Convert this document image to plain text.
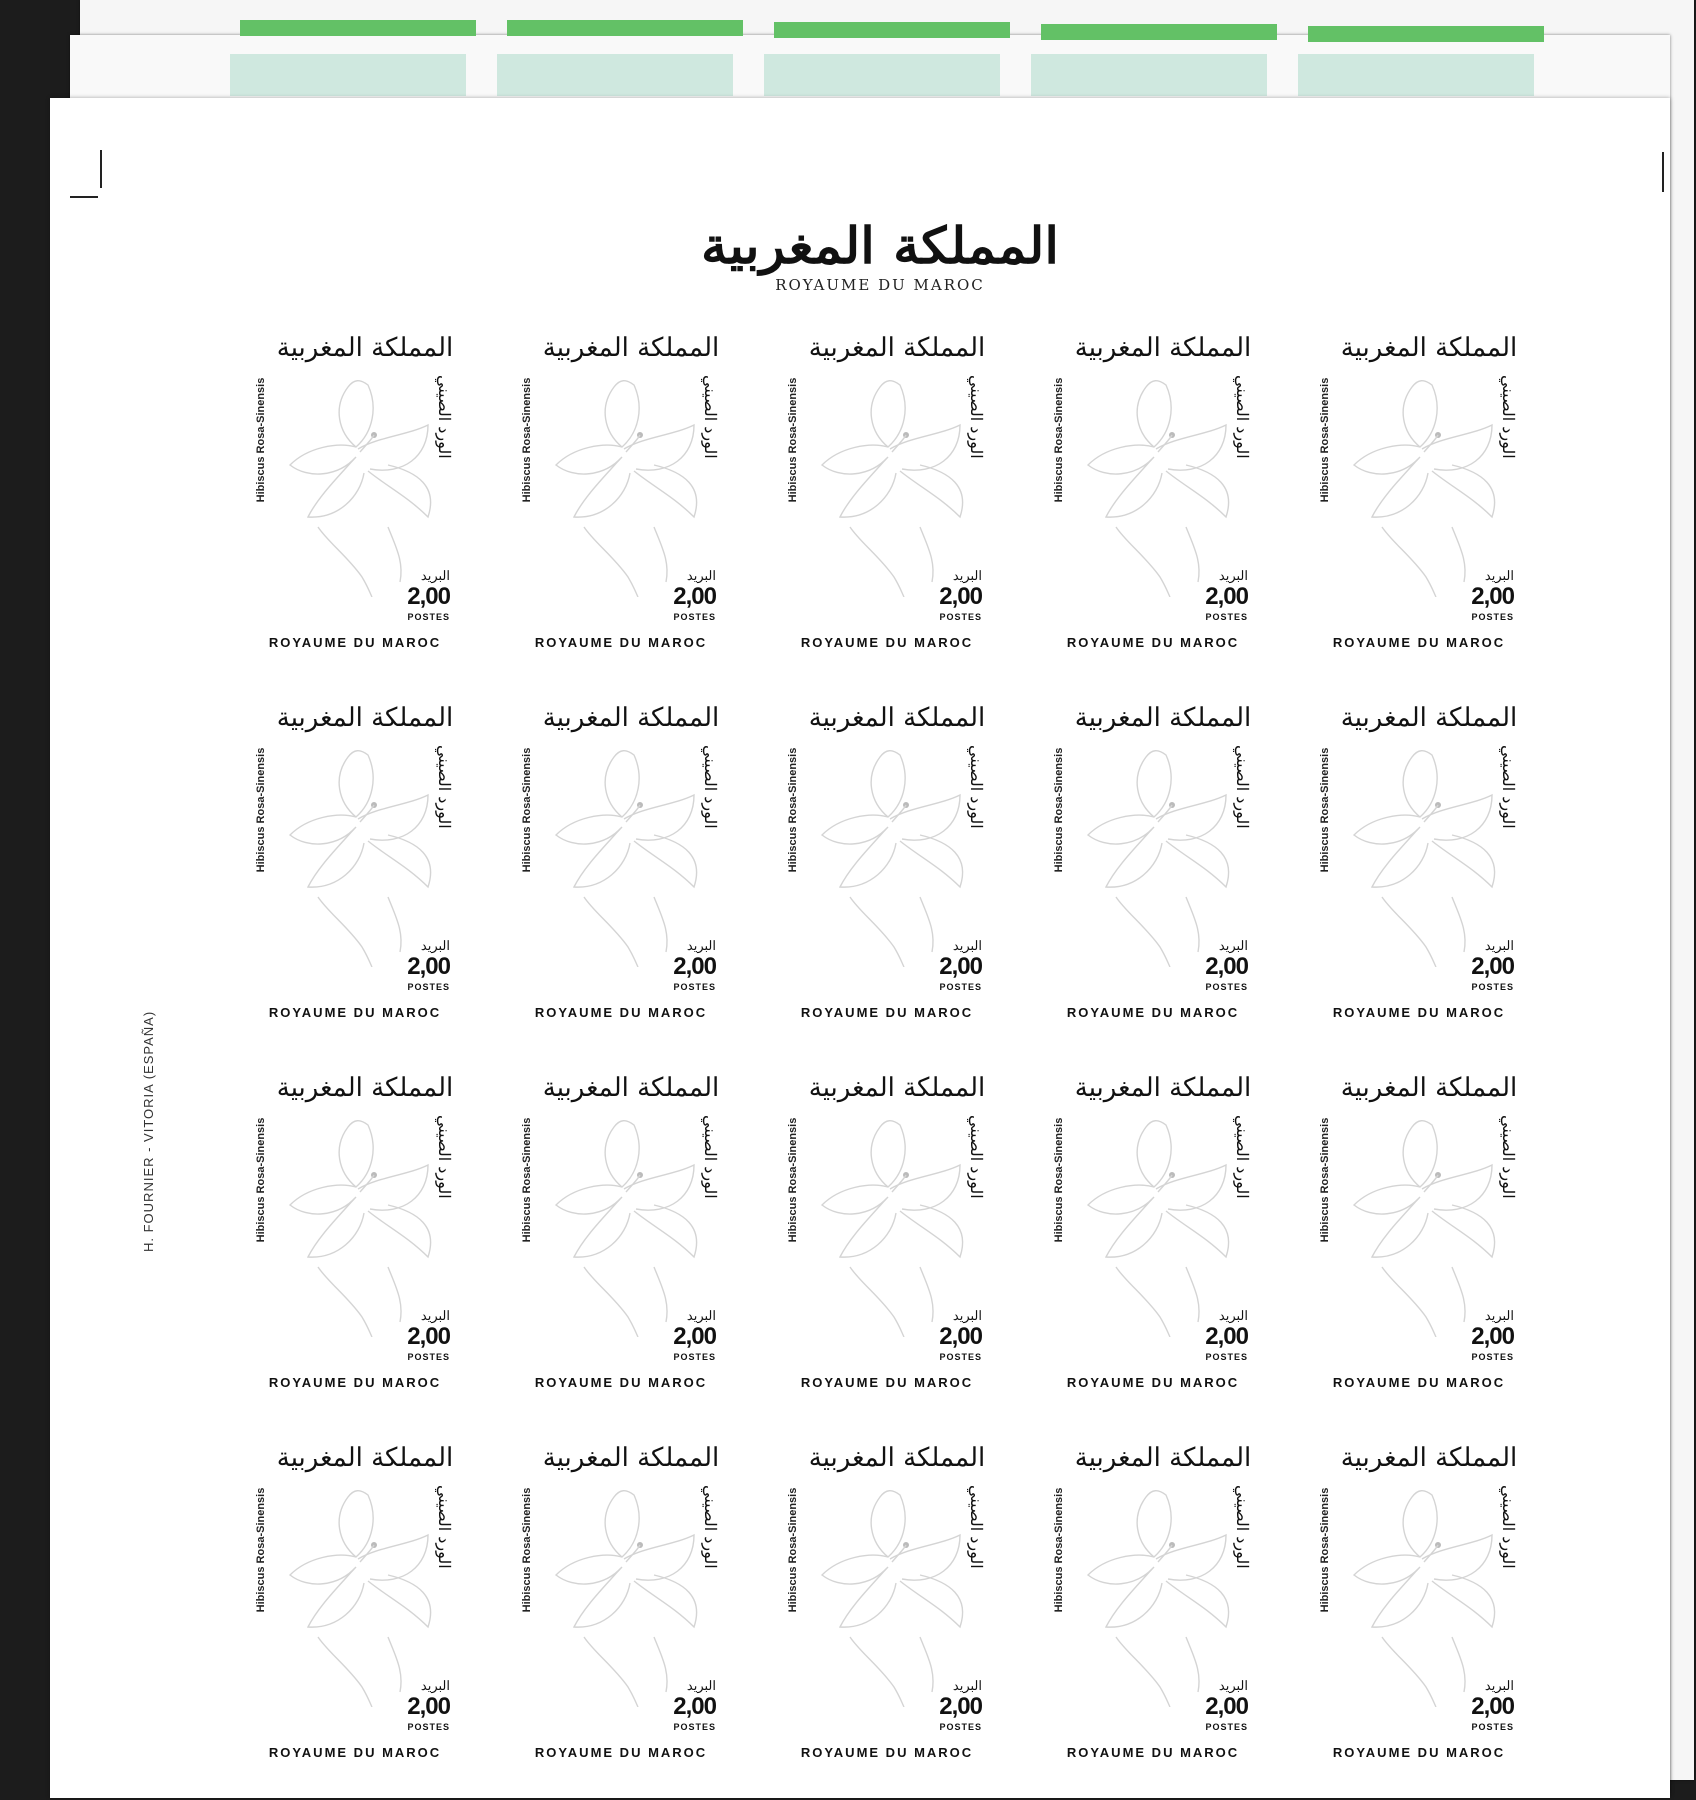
المملكة المغربية
ROYAUME DU MAROC
H. FOURNIER - VITORIA (ESPAÑA)
المملكة المغربية
Hibiscus Rosa-Sinensis	الورد الصيني
البريد
2,00
POSTES
ROYAUME DU MAROC
المملكة المغربية
Hibiscus Rosa-Sinensis	الورد الصيني
البريد
2,00
POSTES
ROYAUME DU MAROC
المملكة المغربية
Hibiscus Rosa-Sinensis	الورد الصيني
البريد
2,00
POSTES
ROYAUME DU MAROC
المملكة المغربية
Hibiscus Rosa-Sinensis	الورد الصيني
البريد
2,00
POSTES
ROYAUME DU MAROC
المملكة المغربية
Hibiscus Rosa-Sinensis	الورد الصيني
البريد
2,00
POSTES
ROYAUME DU MAROC
المملكة المغربية
Hibiscus Rosa-Sinensis	الورد الصيني
البريد
2,00
POSTES
ROYAUME DU MAROC
المملكة المغربية
Hibiscus Rosa-Sinensis	الورد الصيني
البريد
2,00
POSTES
ROYAUME DU MAROC
المملكة المغربية
Hibiscus Rosa-Sinensis	الورد الصيني
البريد
2,00
POSTES
ROYAUME DU MAROC
المملكة المغربية
Hibiscus Rosa-Sinensis	الورد الصيني
البريد
2,00
POSTES
ROYAUME DU MAROC
المملكة المغربية
Hibiscus Rosa-Sinensis	الورد الصيني
البريد
2,00
POSTES
ROYAUME DU MAROC
المملكة المغربية
Hibiscus Rosa-Sinensis	الورد الصيني
البريد
2,00
POSTES
ROYAUME DU MAROC
المملكة المغربية
Hibiscus Rosa-Sinensis	الورد الصيني
البريد
2,00
POSTES
ROYAUME DU MAROC
المملكة المغربية
Hibiscus Rosa-Sinensis	الورد الصيني
البريد
2,00
POSTES
ROYAUME DU MAROC
المملكة المغربية
Hibiscus Rosa-Sinensis	الورد الصيني
البريد
2,00
POSTES
ROYAUME DU MAROC
المملكة المغربية
Hibiscus Rosa-Sinensis	الورد الصيني
البريد
2,00
POSTES
ROYAUME DU MAROC
المملكة المغربية
Hibiscus Rosa-Sinensis	الورد الصيني
البريد
2,00
POSTES
ROYAUME DU MAROC
المملكة المغربية
Hibiscus Rosa-Sinensis	الورد الصيني
البريد
2,00
POSTES
ROYAUME DU MAROC
المملكة المغربية
Hibiscus Rosa-Sinensis	الورد الصيني
البريد
2,00
POSTES
ROYAUME DU MAROC
المملكة المغربية
Hibiscus Rosa-Sinensis	الورد الصيني
البريد
2,00
POSTES
ROYAUME DU MAROC
المملكة المغربية
Hibiscus Rosa-Sinensis	الورد الصيني
البريد
2,00
POSTES
ROYAUME DU MAROC
